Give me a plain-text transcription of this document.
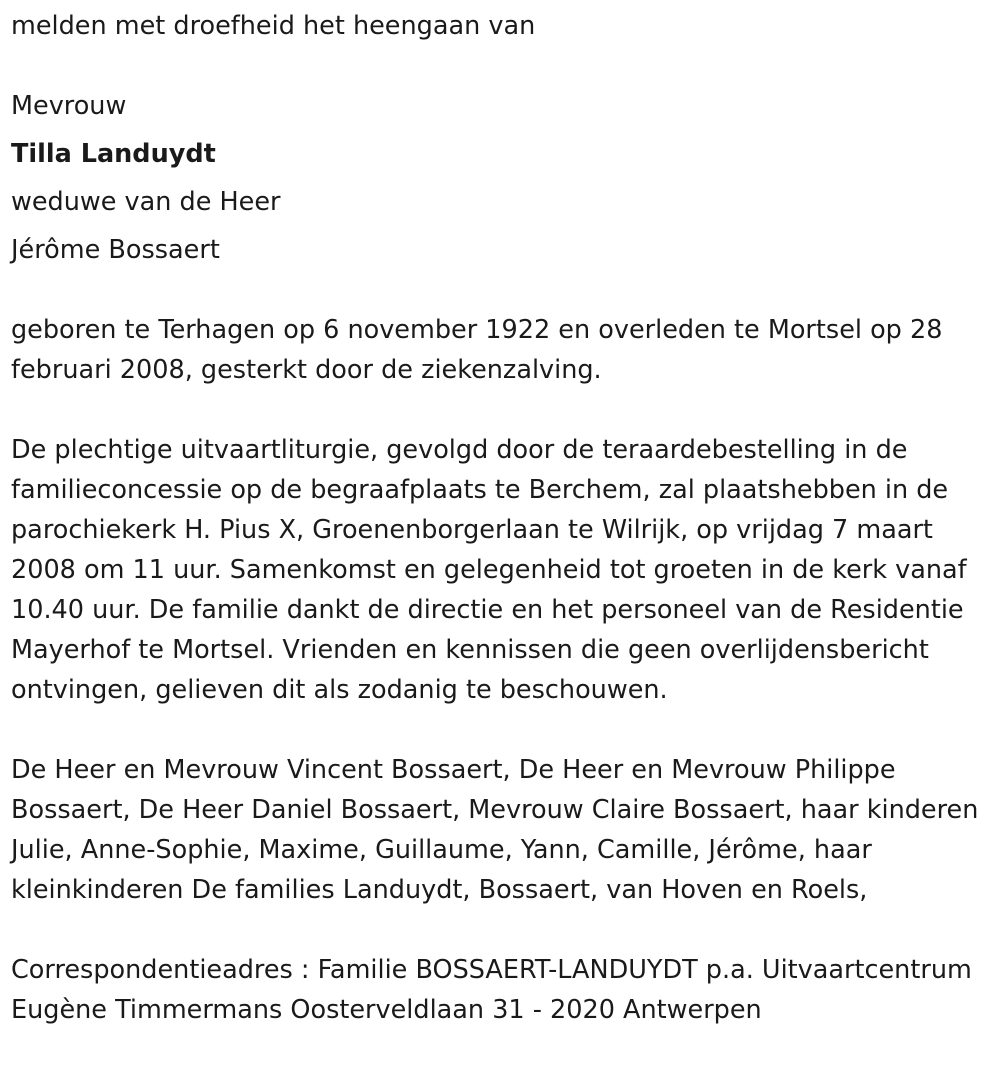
melden met droefheid het heengaan van
Mevrouw
Tilla Landuydt
weduwe van de Heer
Jérôme Bossaert
geboren te Terhagen op 6 november 1922 en overleden te Mortsel op 28 februari 2008, gesterkt door de ziekenzalving.
De plechtige uitvaartliturgie, gevolgd door de teraardebestelling in de familieconcessie op de begraafplaats te Berchem, zal plaatshebben in de parochiekerk H. Pius X, Groenenborgerlaan te Wilrijk, op vrijdag 7 maart 2008 om 11 uur. Samenkomst en gelegenheid tot groeten in de kerk vanaf 10.40 uur. De familie dankt de directie en het personeel van de Residentie Mayerhof te Mortsel. Vrienden en kennissen die geen overlijdensbericht ontvingen, gelieven dit als zodanig te beschouwen.
De Heer en Mevrouw Vincent Bossaert, De Heer en Mevrouw Philippe Bossaert, De Heer Daniel Bossaert, Mevrouw Claire Bossaert, haar kinderen Julie, Anne-Sophie, Maxime, Guillaume, Yann, Camille, Jérôme, haar kleinkinderen De families Landuydt, Bossaert, van Hoven en Roels,
Correspondentieadres : Familie BOSSAERT-LANDUYDT p.a. Uitvaartcentrum Eugène Timmermans Oosterveldlaan 31 - 2020 Antwerpen
